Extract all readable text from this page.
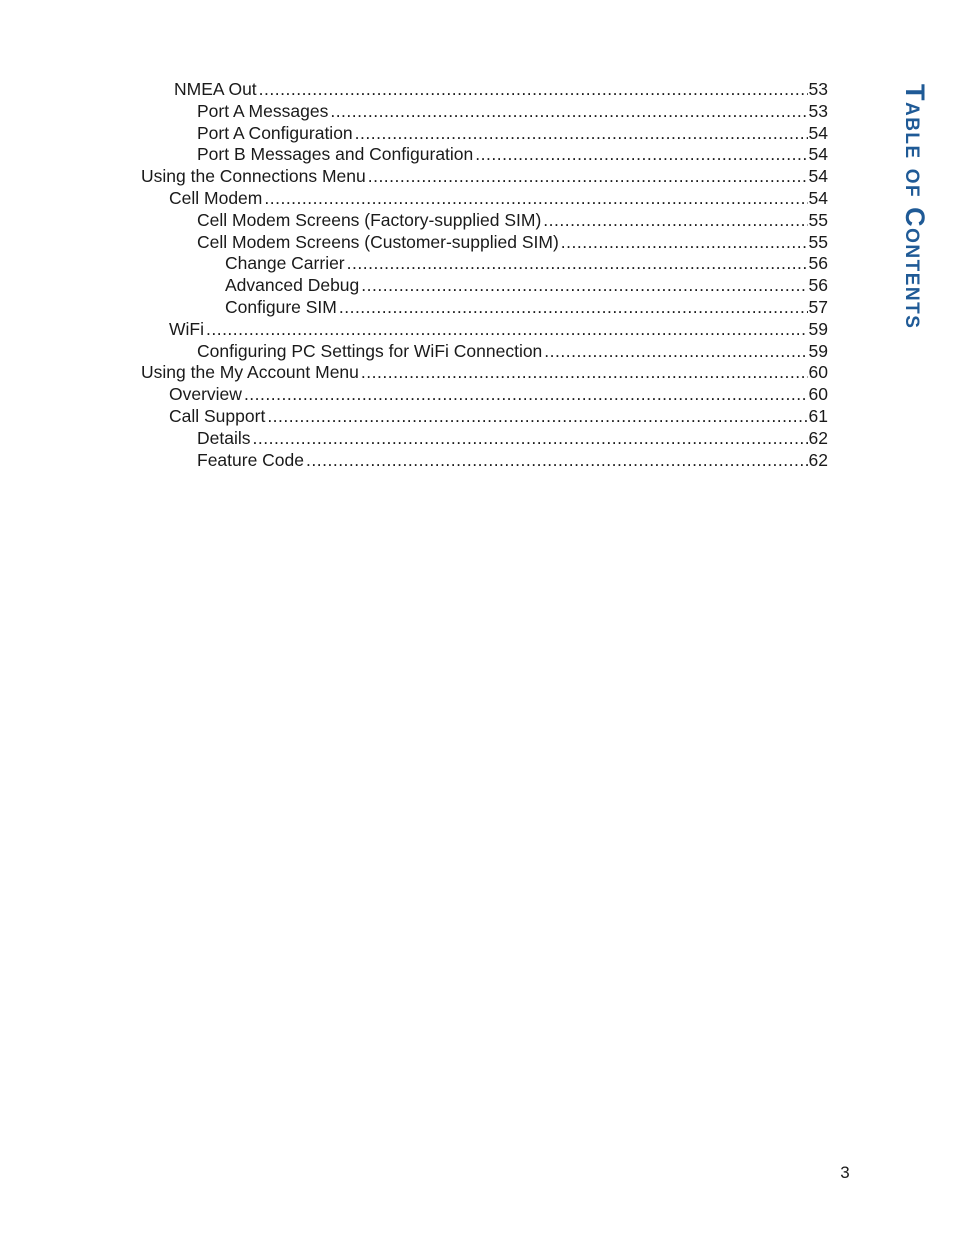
NMEA Out .....	53
Port A Messages .....	53
Port A Configuration .....	54
Port B Messages and Configuration .....	54
Using the Connections Menu .....	54
Cell Modem .....	54
Cell Modem Screens (Factory-supplied SIM) .....	55
Cell Modem Screens (Customer-supplied SIM) .....	55
Change Carrier .....	56
Advanced Debug .....	56
Configure SIM .....	57
WiFi .....	59
Configuring PC Settings for WiFi Connection .....	59
Using the My Account Menu .....	60
Overview .....	60
Call Support .....	61
Details .....	62
Feature Code .....	62
Table of Contents
3
